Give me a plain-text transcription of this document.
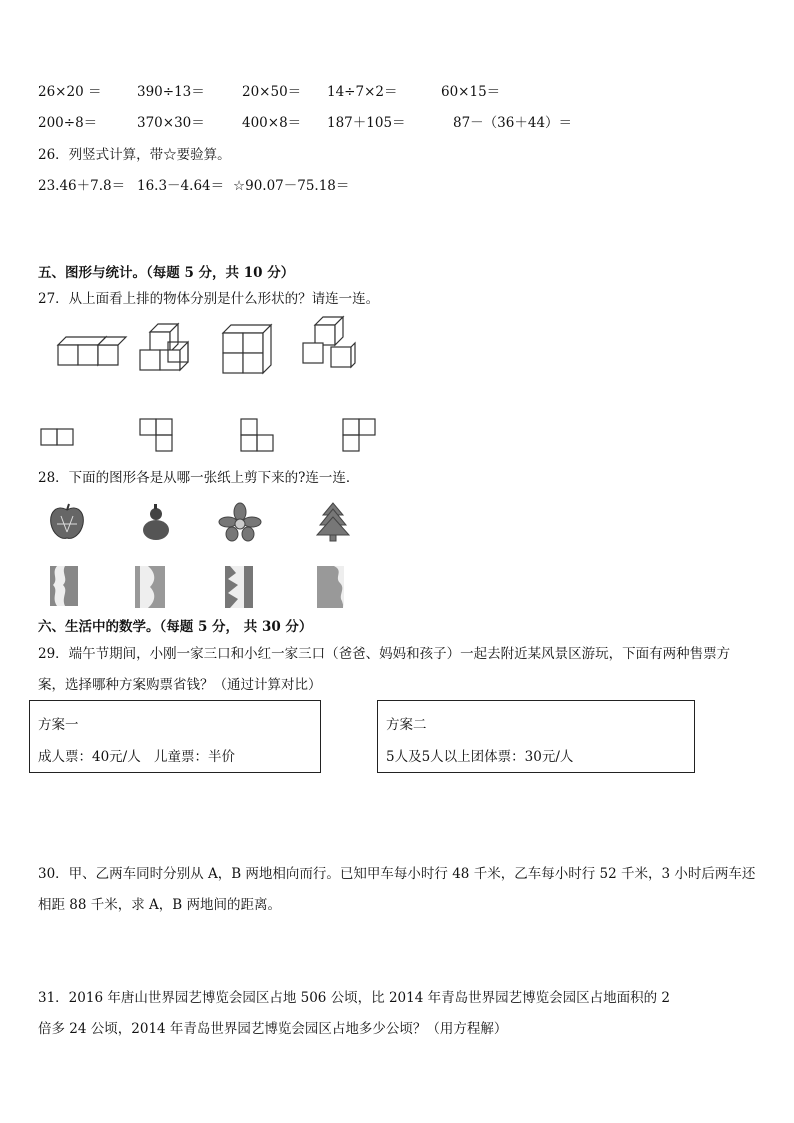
26×20 ＝	390÷13＝	20×50＝ 14÷7×2＝	60×15＝
200÷8＝	370×30＝	400×8＝ 187＋105＝	87－（36＋44）＝
26．列竖式计算，带☆要验算。
23.46＋7.8＝ 16.3－4.64＝ ☆90.07－75.18＝
五、图形与统计。（每题 5 分，共 10 分）
27．从上面看上排的物体分别是什么形状的？请连一连。
28．下面的图形各是从哪一张纸上剪下来的?连一连．
六、生活中的数学。（每题 5 分， 共 30 分）
29．端午节期间，小刚一家三口和小红一家三口（爸爸、妈妈和孩子）一起去附近某风景区游玩，下面有两种售票方
案，选择哪种方案购票省钱？（通过计算对比）
方案一
成人票：40元/人 儿童票：半价
方案二
5人及5人以上团体票：30元/人
30．甲、乙两车同时分别从 A，B 两地相向而行。已知甲车每小时行 48 千米，乙车每小时行 52 千米，3 小时后两车还
相距 88 千米，求 A，B 两地间的距离。
31．2016 年唐山世界园艺博览会园区占地 506 公顷，比 2014 年青岛世界园艺博览会园区占地面积的 2
倍多 24 公顷，2014 年青岛世界园艺博览会园区占地多少公顷？（用方程解）
